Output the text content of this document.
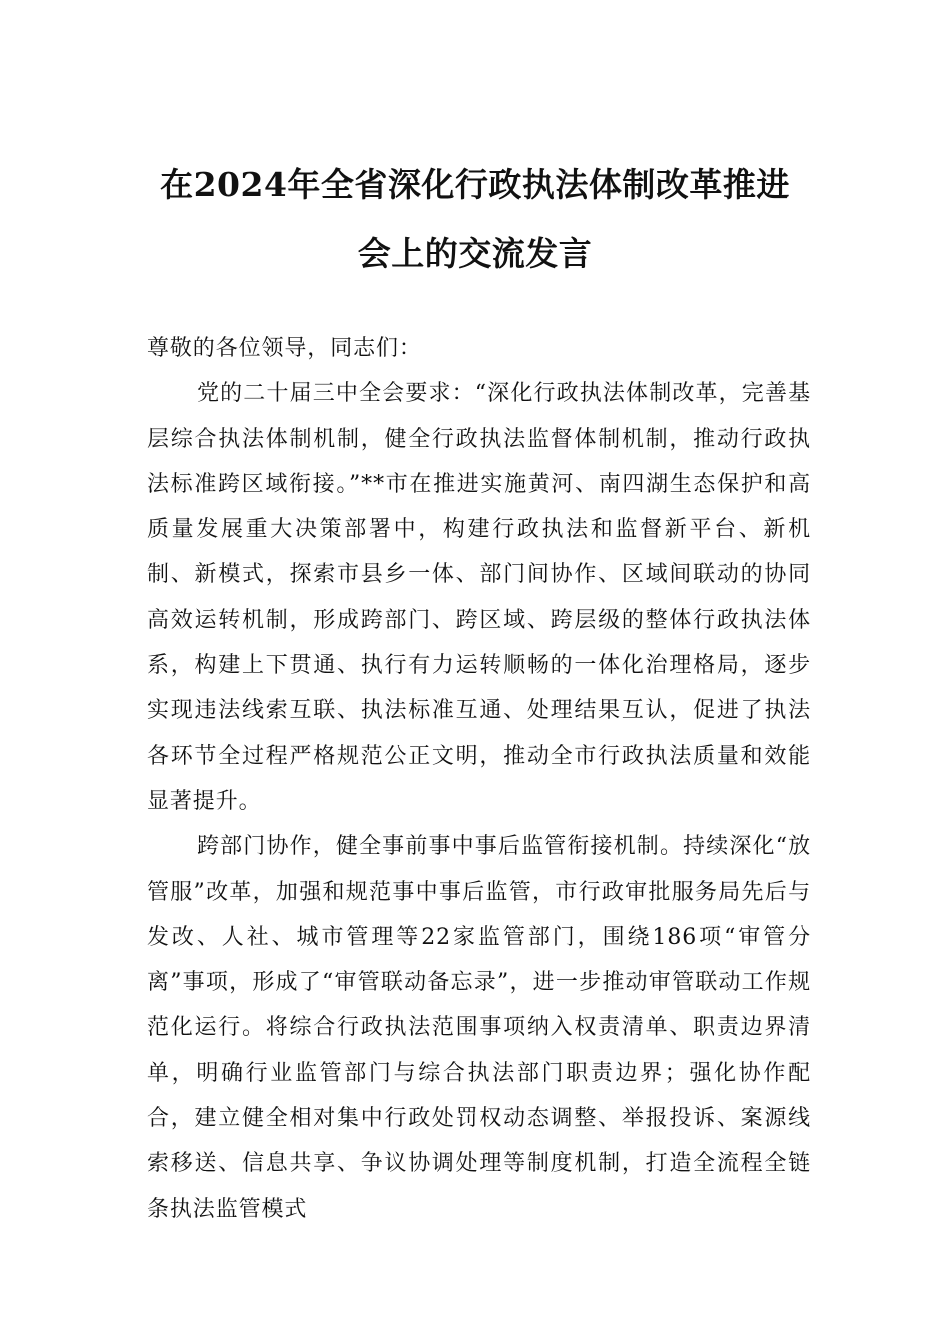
在2024年全省深化行政执法体制改革推进
会上的交流发言

尊敬的各位领导，同志们：

党的二十届三中全会要求：“深化行政执法体制改革，完善基层综合执法体制机制，健全行政执法监督体制机制，推动行政执法标准跨区域衔接。”**市在推进实施黄河、南四湖生态保护和高质量发展重大决策部署中，构建行政执法和监督新平台、新机制、新模式，探索市县乡一体、部门间协作、区域间联动的协同高效运转机制，形成跨部门、跨区域、跨层级的整体行政执法体系，构建上下贯通、执行有力运转顺畅的一体化治理格局，逐步实现违法线索互联、执法标准互通、处理结果互认，促进了执法各环节全过程严格规范公正文明，推动全市行政执法质量和效能显著提升。

跨部门协作，健全事前事中事后监管衔接机制。持续深化“放管服”改革，加强和规范事中事后监管，市行政审批服务局先后与发改、人社、城市管理等22家监管部门，围绕186项“审管分离”事项，形成了“审管联动备忘录”，进一步推动审管联动工作规范化运行。将综合行政执法范围事项纳入权责清单、职责边界清单，明确行业监管部门与综合执法部门职责边界；强化协作配合，建立健全相对集中行政处罚权动态调整、举报投诉、案源线索移送、信息共享、争议协调处理等制度机制，打造全流程全链条执法监管模式
